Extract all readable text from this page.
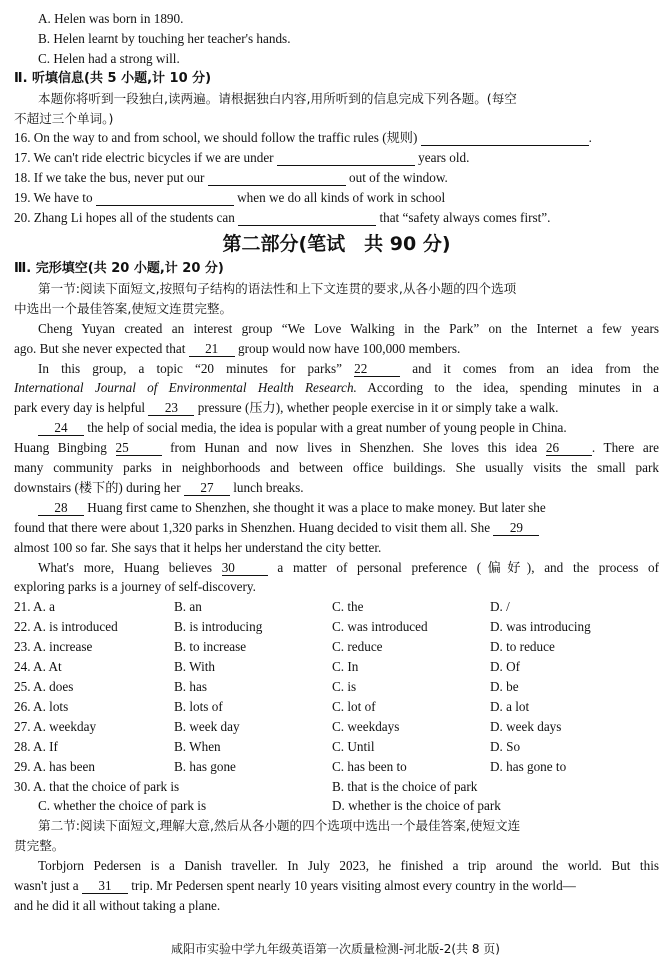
A. Helen was born in 1890.
B. Helen learnt by touching her teacher's hands.
C. Helen had a strong will.
Ⅱ. 听填信息(共 5 小题,计 10 分)
本题你将听到一段独白,读两遍。请根据独白内容,用所听到的信息完成下列各题。(每空
不超过三个单词。)
16. On the way to and from school, we should follow the traffic rules (规则)	.
17. We can't ride electric bicycles if we are under	years old.
18. If we take the bus, never put our	out of the window.
19. We have to	when we do all kinds of work in school
20. Zhang Li hopes all of the students can	that “safety always comes first”.
第二部分(笔试　共 90 分)
Ⅲ. 完形填空(共 20 小题,计 20 分)
第一节:阅读下面短文,按照句子结构的语法性和上下文连贯的要求,从各小题的四个选项
中选出一个最佳答案,使短文连贯完整。
Cheng Yuyan created an interest group “We Love Walking in the Park” on the Internet a few years
ago. But she never expected that 21 group would now have 100,000 members.
In this group, a topic “20 minutes for parks” 22	and it comes from an idea from the
International Journal of Environmental Health Research. According to the idea, spending minutes in a
park every day is helpful 23 pressure (压力), whether people exercise in it or simply take a walk.
24 the help of social media, the idea is popular with a great number of young people in China.
Huang Bingbing 25	from Hunan and now lives in Shenzhen. She loves this idea 26 . There are
many community parks in neighborhoods and between office buildings. She usually visits the small park
downstairs (楼下的) during her 27 lunch breaks.
28 Huang first came to Shenzhen, she thought it was a place to make money. But later she
found that there were about 1,320 parks in Shenzhen. Huang decided to visit them all. She 29
almost 100 so far. She says that it helps her understand the city better.
What's more, Huang believes 30	a matter of personal preference (偏好), and the process of
exploring parks is a journey of self-discovery.
21. A. a	B. an	C. the	D. /
22. A. is introduced	B. is introducing	C. was introduced	D. was introducing
23. A. increase	B. to increase	C. reduce	D. to reduce
24. A. At	B. With	C. In	D. Of
25. A. does	B. has	C. is	D. be
26. A. lots	B. lots of	C. lot of	D. a lot
27. A. weekday	B. week day	C. weekdays	D. week days
28. A. If	B. When	C. Until	D. So
29. A. has been	B. has gone	C. has been to	D. has gone to
30. A. that the choice of park is	B. that is the choice of park
C. whether the choice of park is	D. whether is the choice of park
第二节:阅读下面短文,理解大意,然后从各小题的四个选项中选出一个最佳答案,使短文连
贯完整。
Torbjorn Pedersen is a Danish traveller. In July 2023, he finished a trip around the world. But this
wasn't just a 31 trip. Mr Pedersen spent nearly 10 years visiting almost every country in the world—
and he did it all without taking a plane.
咸阳市实验中学九年级英语第一次质量检测-河北版-2(共 8 页)
